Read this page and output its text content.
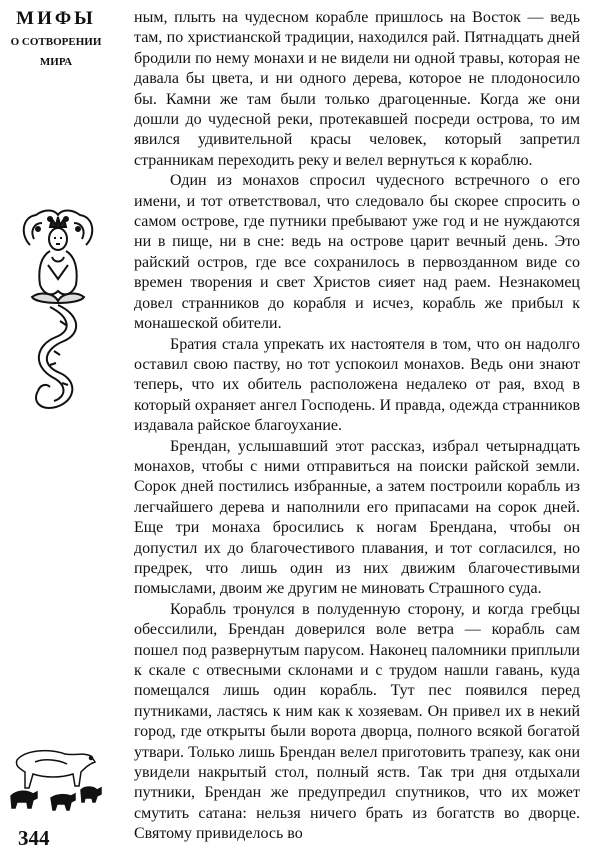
МИФЫ
О СОТВОРЕНИИ
МИРА
344

ным, плыть на чудесном корабле пришлось на Восток — ведь там, по христианской традиции, находился рай. Пятнадцать дней бродили по нему монахи и не видели ни одной травы, которая не давала бы цвета, и ни одного дерева, которое не плодоносило бы. Камни же там были только драгоценные. Когда же они дошли до чудесной реки, протекавшей посреди острова, то им явился удивительной красы человек, который запретил странникам переходить реку и велел вернуться к кораблю.

Один из монахов спросил чудесного встречного о его имени, и тот ответствовал, что следовало бы скорее спросить о самом острове, где путники пребывают уже год и не нуждаются ни в пище, ни в сне: ведь на острове царит вечный день. Это райский остров, где все сохранилось в первозданном виде со времен творения и свет Христов сияет над раем. Незнакомец довел странников до корабля и исчез, корабль же прибыл к монашеской обители.

Братия стала упрекать их настоятеля в том, что он надолго оставил свою паству, но тот успокоил монахов. Ведь они знают теперь, что их обитель расположена недалеко от рая, вход в который охраняет ангел Господень. И правда, одежда странников издавала райское благоухание.

Брендан, услышавший этот рассказ, избрал четырнадцать монахов, чтобы с ними отправиться на поиски райской земли. Сорок дней постились избранные, а затем построили корабль из легчайшего дерева и наполнили его припасами на сорок дней. Еще три монаха бросились к ногам Брендана, чтобы он допустил их до благочестивого плавания, и тот согласился, но предрек, что лишь один из них движим благочестивыми помыслами, двоим же другим не миновать Страшного суда.

Корабль тронулся в полуденную сторону, и когда гребцы обессилили, Брендан доверился воле ветра — корабль сам пошел под развернутым парусом. Наконец паломники приплыли к скале с отвесными склонами и с трудом нашли гавань, куда помещался лишь один корабль. Тут пес появился перед путниками, ластясь к ним как к хозяевам. Он привел их в некий город, где открыты были ворота дворца, полного всякой богатой утвари. Только лишь Брендан велел приготовить трапезу, как они увидели накрытый стол, полный яств. Так три дня отдыхали путники, Брендан же предупредил спутников, что их может смутить сатана: нельзя ничего брать из богатств во дворце. Святому привиделось во
